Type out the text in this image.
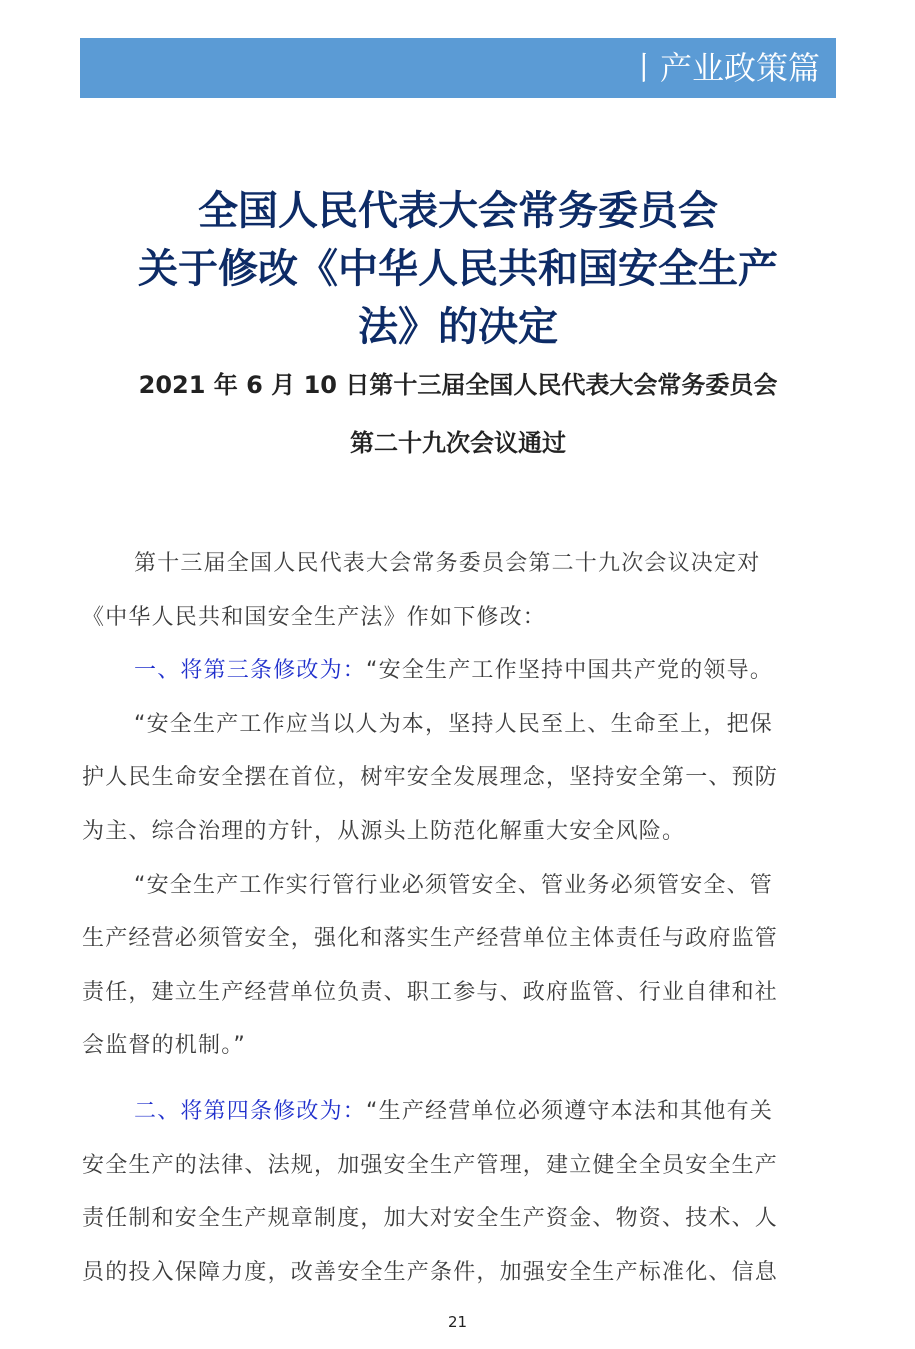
丨产业政策篇
全国人民代表大会常务委员会
关于修改《中华人民共和国安全生产
法》的决定
2021 年 6 月 10 日第十三届全国人民代表大会常务委员会
第二十九次会议通过
第十三届全国人民代表大会常务委员会第二十九次会议决定对
《中华人民共和国安全生产法》作如下修改：
一、将第三条修改为：“安全生产工作坚持中国共产党的领导。
“安全生产工作应当以人为本，坚持人民至上、生命至上，把保
护人民生命安全摆在首位，树牢安全发展理念，坚持安全第一、预防
为主、综合治理的方针，从源头上防范化解重大安全风险。
“安全生产工作实行管行业必须管安全、管业务必须管安全、管
生产经营必须管安全，强化和落实生产经营单位主体责任与政府监管
责任，建立生产经营单位负责、职工参与、政府监管、行业自律和社
会监督的机制。”
二、将第四条修改为：“生产经营单位必须遵守本法和其他有关
安全生产的法律、法规，加强安全生产管理，建立健全全员安全生产
责任制和安全生产规章制度，加大对安全生产资金、物资、技术、人
员的投入保障力度，改善安全生产条件，加强安全生产标准化、信息
21
